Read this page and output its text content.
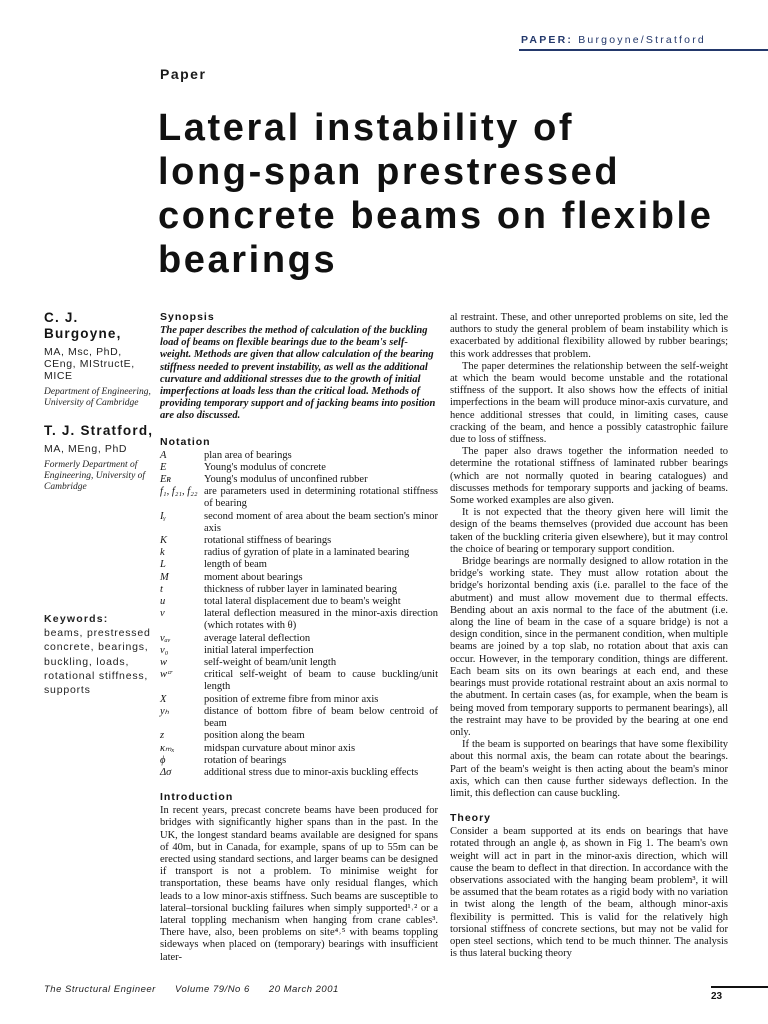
PAPER: Burgoyne/Stratford
Paper
Lateral instability of
long-span prestressed
concrete beams on flexible
bearings

C. J. Burgoyne,

MA, Msc, PhD, CEng, MIStructE, MICE
Department of Engineering, University of Cambridge

T. J. Stratford,

MA, MEng, PhD
Formerly Department of Engineering, University of Cambridge
Keywords:
beams, prestressed concrete, bearings, buckling, loads, rotational stiffness, supports
Synopsis

The paper describes the method of calculation of the buckling load of beams on flexible bearings due to the beam's self-weight. Methods are given that allow calculation of the bearing stiffness needed to prevent instability, as well as the additional curvature and additional stresses due to the growth of initial imperfections at loads less than the critical load. Methods of providing temporary support and of jacking beams into position are also discussed.

Notation
A	plan area of bearings
E	Young's modulus of concrete
Eʀ	Young's modulus of unconfined rubber
f₁, f₂₁, f₂₂	are parameters used in determining rotational stiffness of bearing
Iᵧ	second moment of area about the beam section's minor axis
K	rotational stiffness of bearings
k	radius of gyration of plate in a laminated bearing
L	length of beam
M	moment about bearings
t	thickness of rubber layer in laminated bearing
u	total lateral displacement due to beam's weight
v	lateral deflection measured in the minor-axis direction (which rotates with θ)
vₐᵥ	average lateral deflection
v₀	initial lateral imperfection
w	self-weight of beam/unit length
wᶜʳ	critical self-weight of beam to cause buckling/unit length
X	position of extreme fibre from minor axis
yₕ	distance of bottom fibre of beam below centroid of beam
z	position along the beam
κₘₓ	midspan curvature about minor axis
ϕ	rotation of bearings
Δσ	additional stress due to minor-axis buckling effects
Introduction

In recent years, precast concrete beams have been produced for bridges with significantly higher spans than in the past. In the UK, the longest standard beams available are designed for spans of 40m, but in Canada, for example, spans of up to 55m can be erected using standard sections, and larger beams can be designed if transport is not a problem. To minimise weight for transportation, these beams have only residual flanges, which leads to a low minor-axis stiffness. Such beams are susceptible to lateral–torsional buckling failures when simply supported¹˒² or a lateral toppling mechanism when hanging from crane cables³. There have, also, been problems on site⁴˒⁵ with beams toppling sideways when placed on (temporary) bearings with insufficient later-

al restraint. These, and other unreported problems on site, led the authors to study the general problem of beam instability which is exacerbated by additional flexibility allowed by rubber bearings; this work addresses that problem.

The paper determines the relationship between the self-weight at which the beam would become unstable and the rotational stiffness of the support. It also shows how the effects of initial imperfections in the beam will produce minor-axis curvature, and hence additional stresses that could, in limiting cases, cause cracking of the beam, and hence a possibly catastrophic failure due to loss of stiffness.

The paper also draws together the information needed to determine the rotational stiffness of laminated rubber bearings (which are not normally quoted in bearing catalogues) and discusses methods for temporary supports and jacking of beams. Some worked examples are also given.

It is not expected that the theory given here will limit the design of the beams themselves (provided due account has been taken of the buckling criteria given elsewhere), but it may control the choice of bearing or temporary support condition.

Bridge bearings are normally designed to allow rotation in the bridge's working state. They must allow rotation about the bridge's horizontal bending axis (i.e. parallel to the face of the abutment) and must allow movement due to thermal effects. Bending about an axis normal to the face of the abutment (i.e. along the line of beam in the case of a square bridge) is not a design condition, since in the permanent condition, when multiple beams are joined by a top slab, no rotation about that axis can occur. However, in the temporary condition, things are different. Each beam sits on its own bearings at each end, and these bearings must provide rotational restraint about an axis normal to the abutment. In certain cases (as, for example, when the beam is being moved from temporary supports to permanent bearings), all the restraint may have to be provided by the bearing at one end only.

If the beam is supported on bearings that have some flexibility about this normal axis, the beam can rotate about the bearings. Part of the beam's weight is then acting about the beam's minor axis, which can then cause further sideways deflection. In the limit, this deflection can cause buckling.

Theory

Consider a beam supported at its ends on bearings that have rotated through an angle ϕ, as shown in Fig 1. The beam's own weight will act in part in the minor-axis direction, which will cause the beam to deflect in that direction. In accordance with the observations associated with the hanging beam problem³, it will be assumed that the beam rotates as a rigid body with no variation in twist along the length of the beam, although minor-axis flexibility is permitted. This is valid for the relatively high torsional stiffness of concrete sections, but may not be valid for open steel sections, which tend to be much thinner. The analysis is thus lateral bucking theory

The Structural Engineer Volume 79/No 6 20 March 2001
23
